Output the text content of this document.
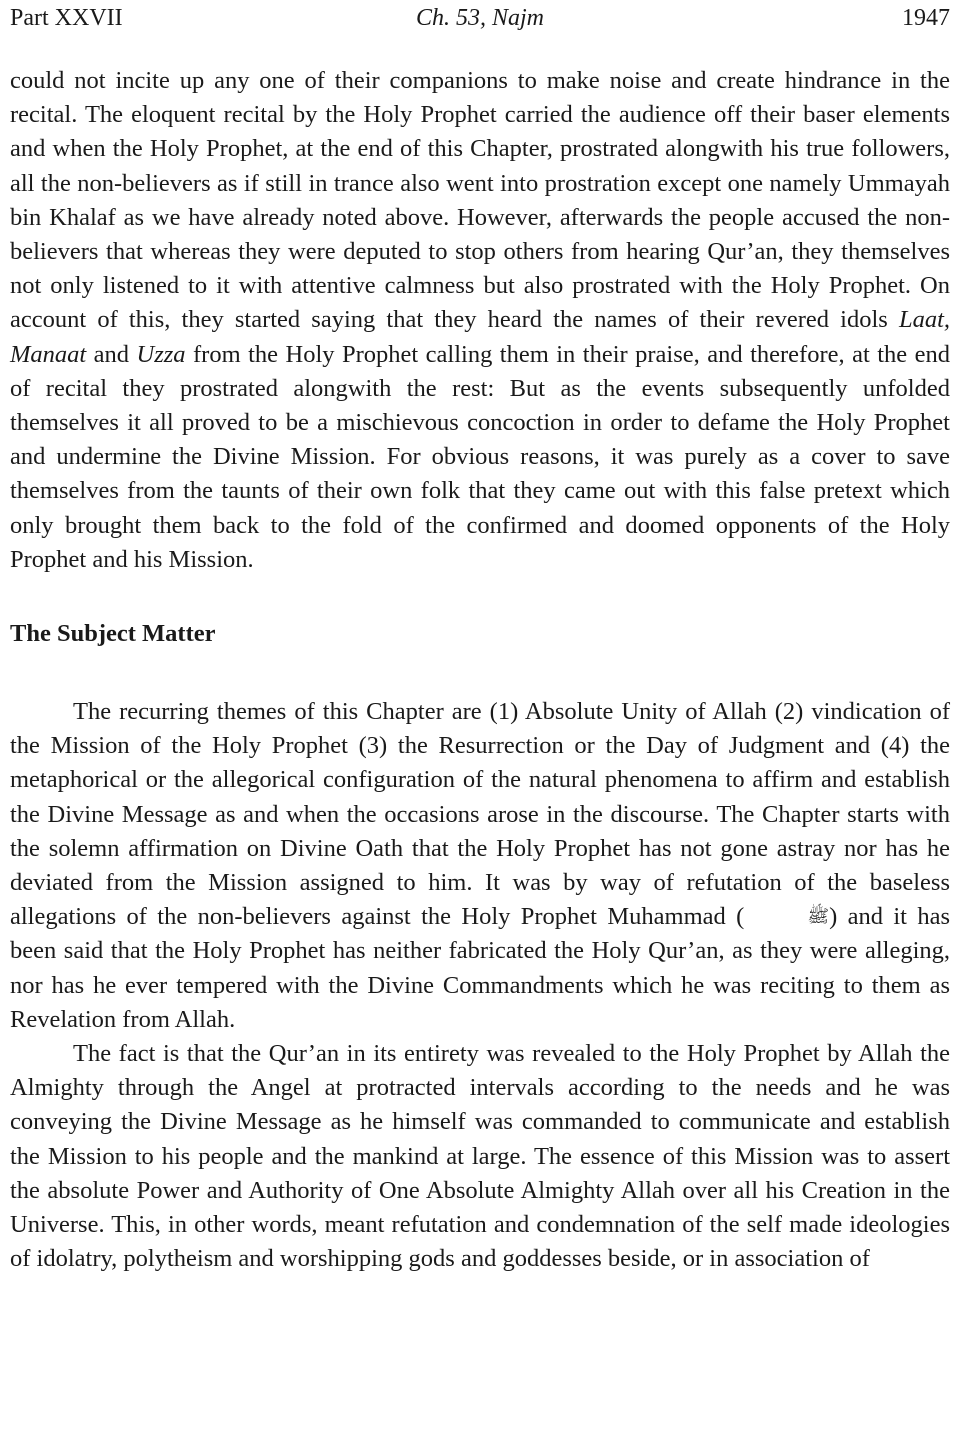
Part XXVII	Ch. 53, Najm	1947

could not incite up any one of their companions to make noise and create hindrance in the recital. The eloquent recital by the Holy Prophet carried the audience off their baser elements and when the Holy Prophet, at the end of this Chapter, prostrated alongwith his true followers, all the non-believers as if still in trance also went into prostration except one namely Ummayah bin Khalaf as we have already noted above. However, afterwards the people accused the non-believers that whereas they were deputed to stop others from hearing Qur’an, they themselves not only listened to it with attentive calmness but also prostrated with the Holy Prophet. On account of this, they started saying that they heard the names of their revered idols Laat, Manaat and Uzza from the Holy Prophet calling them in their praise, and therefore, at the end of recital they prostrated alongwith the rest: But as the events subsequently unfolded themselves it all proved to be a mischievous concoction in order to defame the Holy Prophet and undermine the Divine Mission. For obvious reasons, it was purely as a cover to save themselves from the taunts of their own folk that they came out with this false pretext which only brought them back to the fold of the confirmed and doomed opponents of the Holy Prophet and his Mission.

The Subject Matter

The recurring themes of this Chapter are (1) Absolute Unity of Allah (2) vindication of the Mission of the Holy Prophet (3) the Resurrection or the Day of Judgment and (4) the metaphorical or the allegorical configuration of the natural phenomena to affirm and establish the Divine Message as and when the occasions arose in the discourse. The Chapter starts with the solemn affirmation on Divine Oath that the Holy Prophet has not gone astray nor has he deviated from the Mission assigned to him. It was by way of refutation of the baseless allegations of the non-believers against the Holy Prophet Muhammad (	ﷺ) and it has been said that the Holy Prophet has neither fabricated the Holy Qur’an, as they were alleging, nor has he ever tempered with the Divine Commandments which he was reciting to them as Revelation from Allah.

The fact is that the Qur’an in its entirety was revealed to the Holy Prophet by Allah the Almighty through the Angel at protracted intervals according to the needs and he was conveying the Divine Message as he himself was commanded to communicate and establish the Mission to his people and the mankind at large. The essence of this Mission was to assert the absolute Power and Authority of One Absolute Almighty Allah over all his Creation in the Universe. This, in other words, meant refutation and condemnation of the self made ideologies of idolatry, polytheism and worshipping gods and goddesses beside, or in association of
